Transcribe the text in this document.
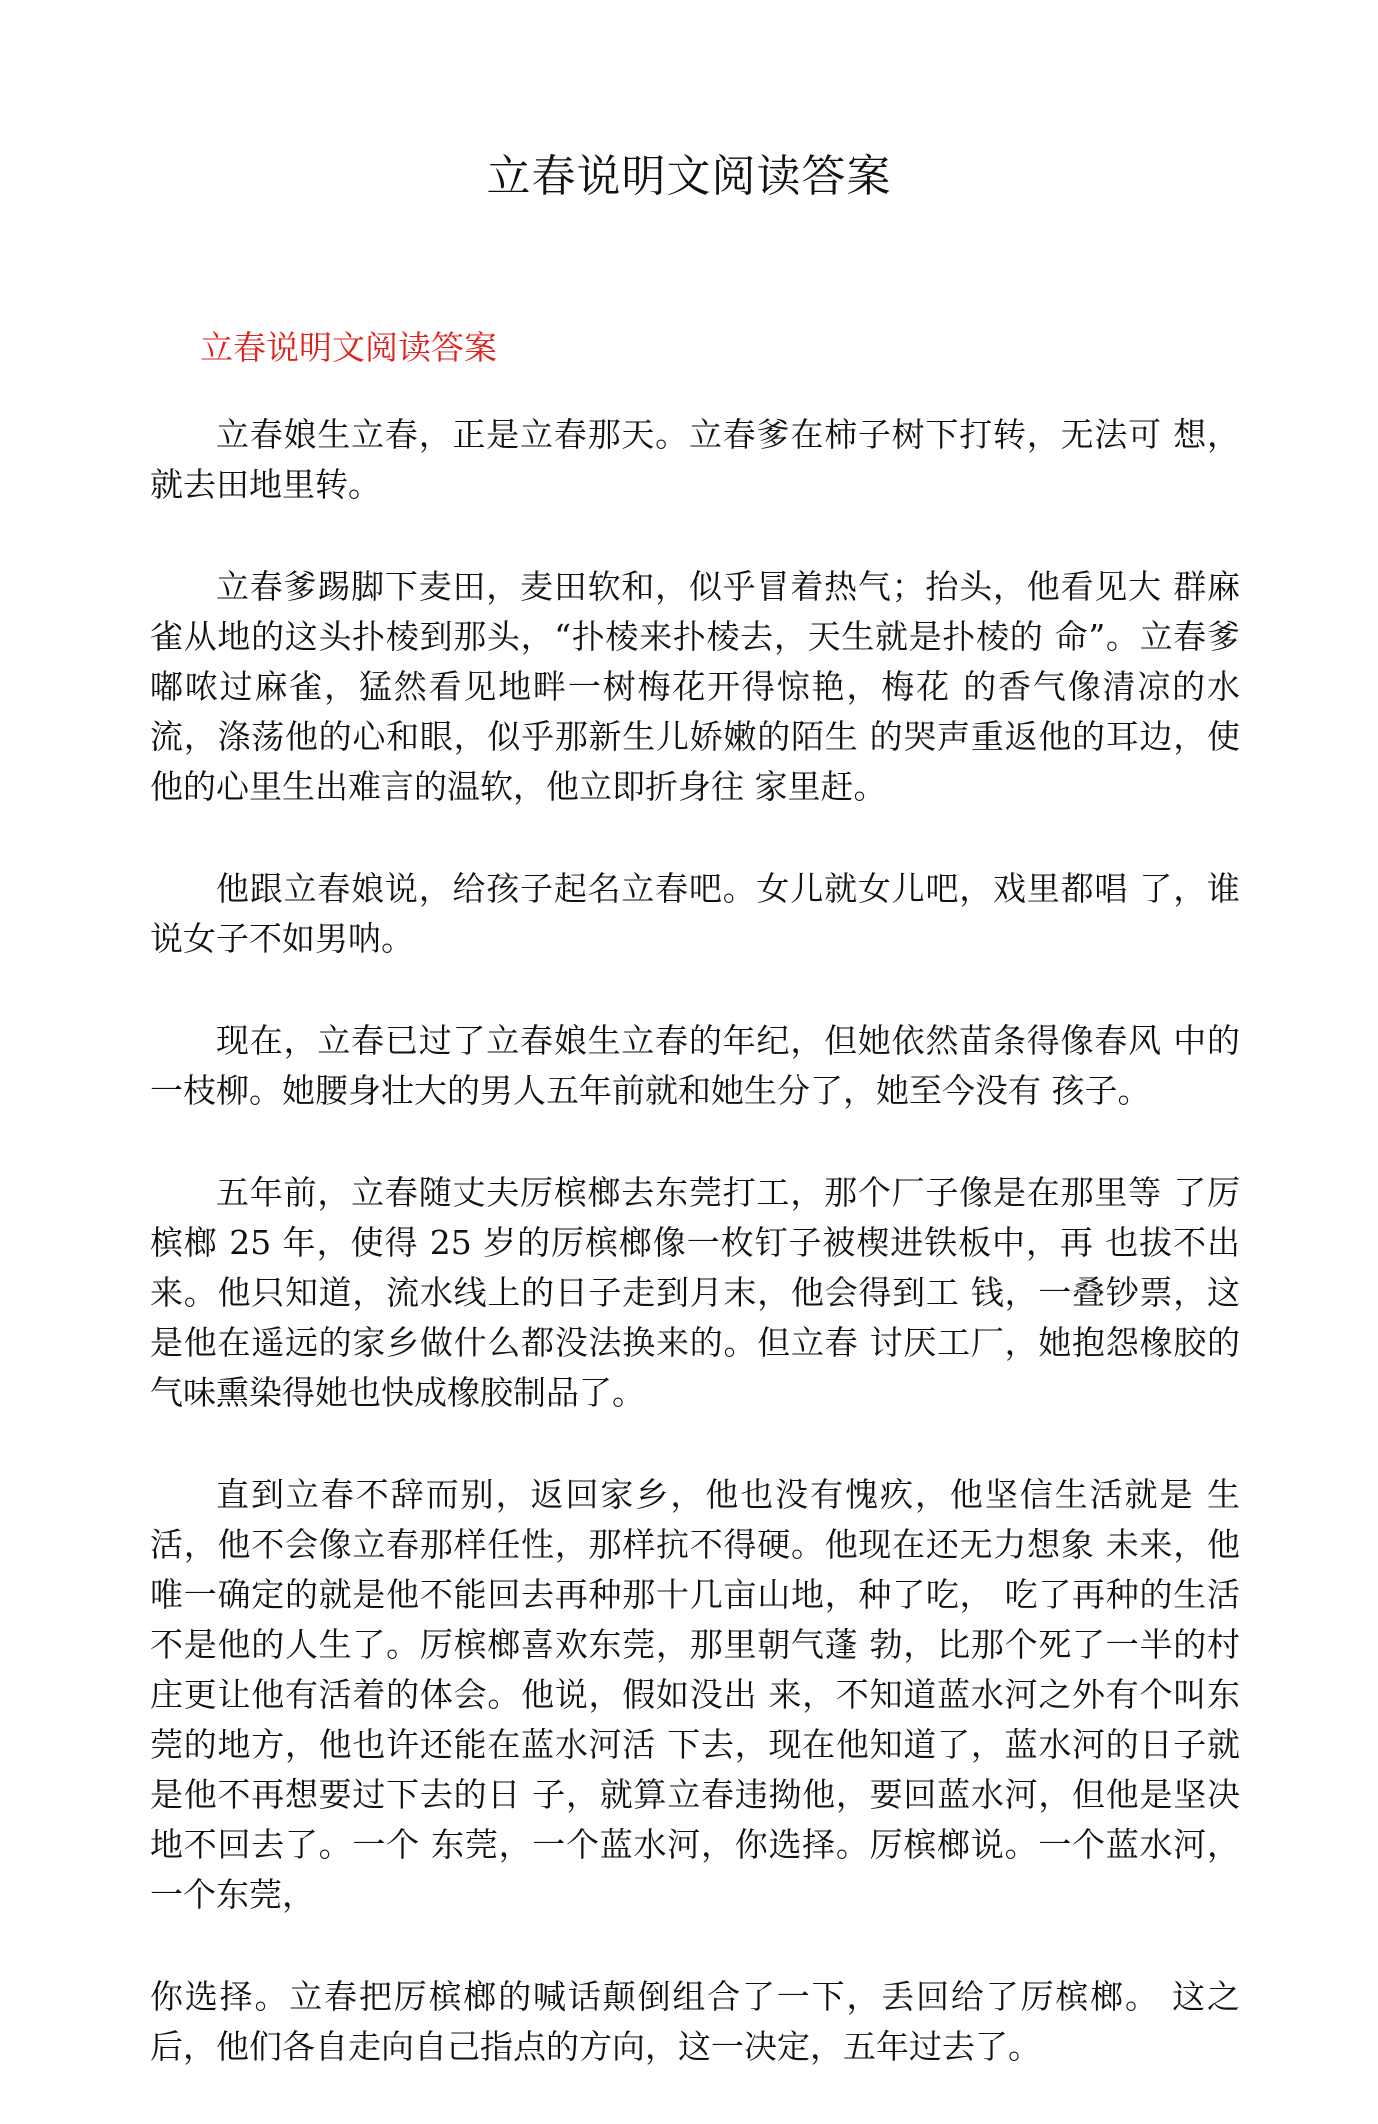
立春说明文阅读答案

立春说明文阅读答案

立春娘生立春，正是立春那天。立春爹在柿子树下打转，无法可 想，就去田地里转。

立春爹踢脚下麦田，麦田软和，似乎冒着热气；抬头，他看见大 群麻雀从地的这头扑棱到那头，“扑棱来扑棱去，天生就是扑棱的 命”。立春爹嘟哝过麻雀，猛然看见地畔一树梅花开得惊艳，梅花 的香气像清凉的水流，涤荡他的心和眼，似乎那新生儿娇嫩的陌生 的哭声重返他的耳边，使他的心里生出难言的温软，他立即折身往 家里赶。

他跟立春娘说，给孩子起名立春吧。女儿就女儿吧，戏里都唱 了，谁说女子不如男呐。

现在，立春已过了立春娘生立春的年纪，但她依然苗条得像春风 中的一枝柳。她腰身壮大的男人五年前就和她生分了，她至今没有 孩子。

五年前，立春随丈夫厉槟榔去东莞打工，那个厂子像是在那里等 了厉槟榔 25 年，使得 25 岁的厉槟榔像一枚钉子被楔进铁板中，再 也拔不出来。他只知道，流水线上的日子走到月末，他会得到工 钱，一叠钞票，这是他在遥远的家乡做什么都没法换来的。但立春 讨厌工厂，她抱怨橡胶的气味熏染得她也快成橡胶制品了。

直到立春不辞而别，返回家乡，他也没有愧疚，他坚信生活就是 生活，他不会像立春那样任性，那样抗不得硬。他现在还无力想象 未来，他唯一确定的就是他不能回去再种那十几亩山地，种了吃， 吃了再种的生活不是他的人生了。厉槟榔喜欢东莞，那里朝气蓬 勃，比那个死了一半的村庄更让他有活着的体会。他说，假如没出 来，不知道蓝水河之外有个叫东莞的地方，他也许还能在蓝水河活 下去，现在他知道了，蓝水河的日子就是他不再想要过下去的日 子，就算立春违拗他，要回蓝水河，但他是坚决地不回去了。一个 东莞，一个蓝水河，你选择。厉槟榔说。一个蓝水河，一个东莞，

你选择。立春把厉槟榔的喊话颠倒组合了一下，丢回给了厉槟榔。 这之后，他们各自走向自己指点的方向，这一决定，五年过去了。
